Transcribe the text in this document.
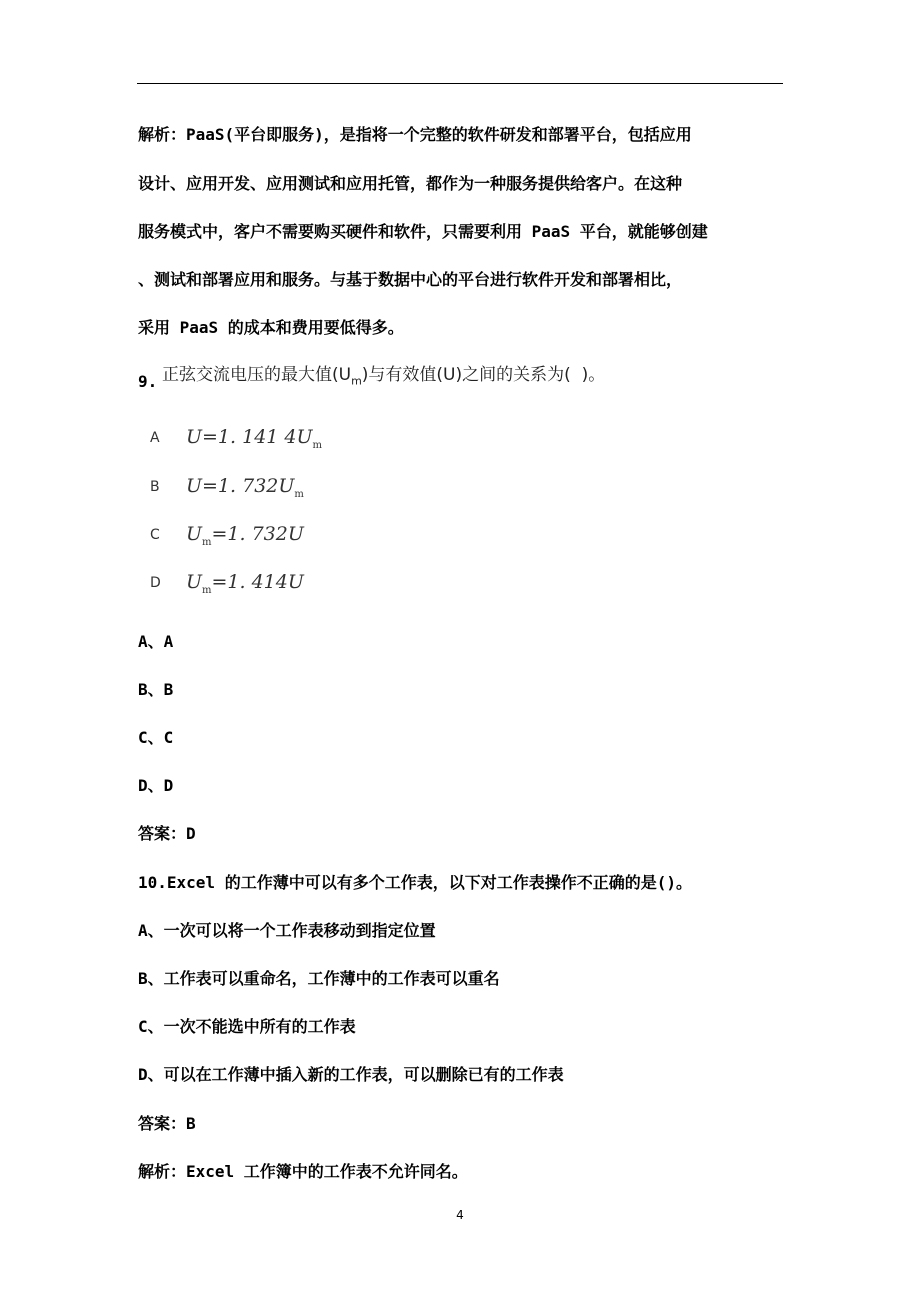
解析：PaaS(平台即服务)，是指将一个完整的软件研发和部署平台，包括应用
设计、应用开发、应用测试和应用托管，都作为一种服务提供给客户。在这种
服务模式中，客户不需要购买硬件和软件，只需要利用 PaaS 平台，就能够创建
、测试和部署应用和服务。与基于数据中心的平台进行软件开发和部署相比，
采用 PaaS 的成本和费用要低得多。
9. 正弦交流电压的最大值$(U_m)$与有效值(U)之间的关系为(  )。
A	U=1. 141 $4U_m$
B	U=1. $732U_m$
C	$U_m=1$. 732U
D	$U_m=1$. 414U
A、A
B、B
C、C
D、D
答案：D
10.Excel 的工作薄中可以有多个工作表，以下对工作表操作不正确的是()。
A、一次可以将一个工作表移动到指定位置
B、工作表可以重命名，工作薄中的工作表可以重名
C、一次不能选中所有的工作表
D、可以在工作薄中插入新的工作表，可以删除已有的工作表
答案：B
解析：Excel 工作簿中的工作表不允许同名。
4
